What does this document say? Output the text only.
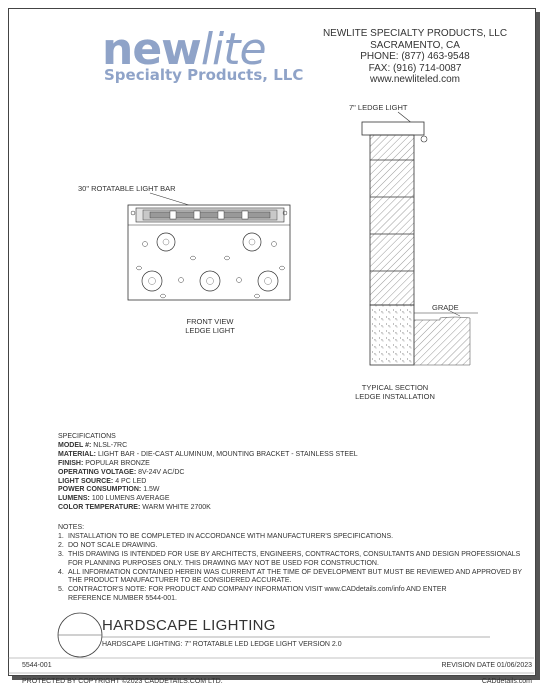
newlite
Specialty Products, LLC
NEWLITE SPECIALTY PRODUCTS, LLC
SACRAMENTO, CA
PHONE: (877) 463-9548
FAX: (916) 714-0087
www.newliteled.com
30" ROTATABLE LIGHT BAR
FRONT VIEW
LEDGE LIGHT
7" LEDGE LIGHT
GRADE
TYPICAL SECTION
LEDGE INSTALLATION
SPECIFICATIONS
MODEL #: NLSL-7RC
MATERIAL: LIGHT BAR - DIE-CAST ALUMINUM, MOUNTING BRACKET - STAINLESS STEEL
FINISH: POPULAR BRONZE
OPERATING VOLTAGE: 8V-24V AC/DC
LIGHT SOURCE: 4 PC LED
POWER CONSUMPTION: 1.5W
LUMENS: 100 LUMENS AVERAGE
COLOR TEMPERATURE: WARM WHITE 2700K
NOTES:
1. INSTALLATION TO BE COMPLETED IN ACCORDANCE WITH MANUFACTURER'S SPECIFICATIONS.
2. DO NOT SCALE DRAWING.
3. THIS DRAWING IS INTENDED FOR USE BY ARCHITECTS, ENGINEERS, CONTRACTORS, CONSULTANTS AND DESIGN PROFESSIONALS
FOR PLANNING PURPOSES ONLY. THIS DRAWING MAY NOT BE USED FOR CONSTRUCTION.
4. ALL INFORMATION CONTAINED HEREIN WAS CURRENT AT THE TIME OF DEVELOPMENT BUT MUST BE REVIEWED AND APPROVED BY
THE PRODUCT MANUFACTURER TO BE CONSIDERED ACCURATE.
5. CONTRACTOR'S NOTE: FOR PRODUCT AND COMPANY INFORMATION VISIT www.CADdetails.com/info AND ENTER
REFERENCE NUMBER 5544-001.
HARDSCAPE LIGHTING
HARDSCAPE LIGHTING: 7" ROTATABLE LED LEDGE LIGHT VERSION 2.0
5544-001	REVISION DATE 01/06/2023
PROTECTED BY COPYRIGHT ©2023 CADDETAILS.COM LTD.	CADdetails.com
